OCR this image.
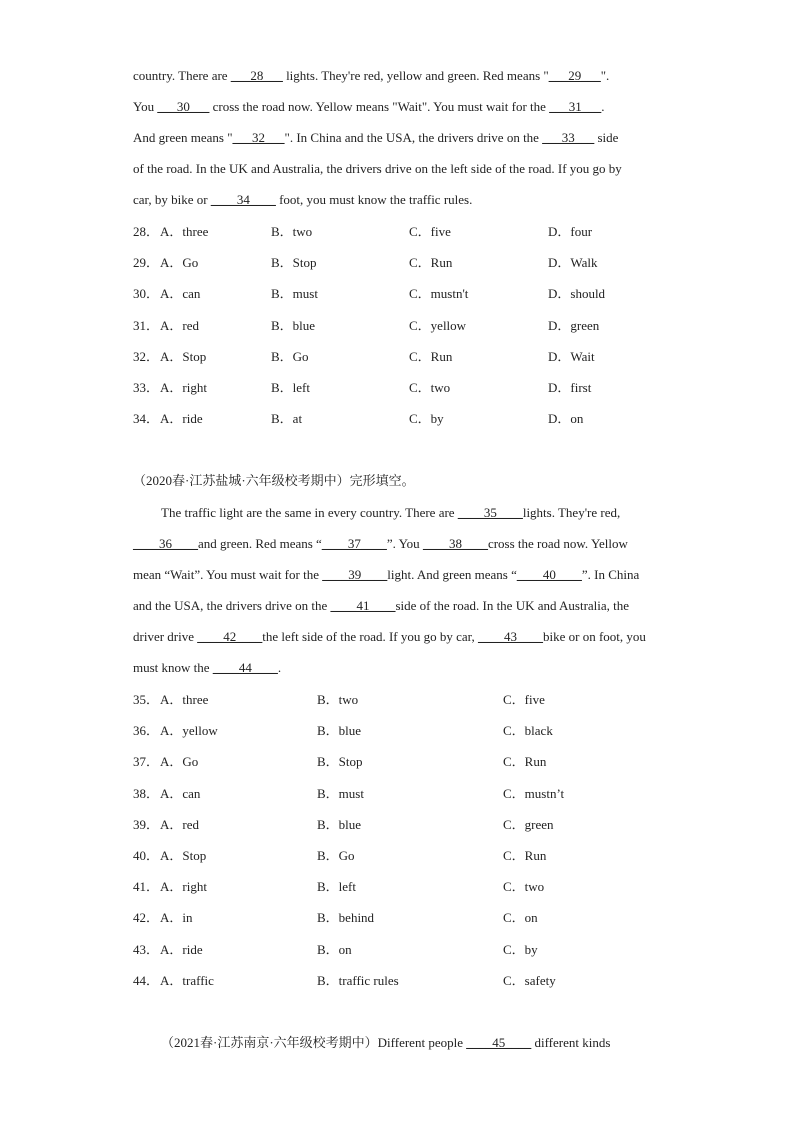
country. There are ___28___ lights. They're red, yellow and green. Red means "___29___".
You ___30___ cross the road now. Yellow means "Wait". You must wait for the ___31___.
And green means "___32___". In China and the USA, the drivers drive on the ___33___ side
of the road. In the UK and Australia, the drivers drive on the left side of the road. If you go by
car, by bike or ____34____ foot, you must know the traffic rules.
28． A．three	B．two	C．five	D．four
29． A．Go	B．Stop	C．Run	D．Walk
30． A．can	B．must	C．mustn't	D．should
31． A．red	B．blue	C．yellow	D．green
32． A．Stop	B．Go	C．Run	D．Wait
33． A．right	B．left	C．two	D．first
34． A．ride	B．at	C．by	D．on
（2020春·江苏盐城·六年级校考期中）完形填空。
The traffic light are the same in every country. There are ____35____lights. They're red,
____36____and green. Red means “____37____”. You ____38____cross the road now. Yellow
mean “Wait”. You must wait for the ____39____light. And green means “____40____”. In China
and the USA, the drivers drive on the ____41____side of the road. In the UK and Australia, the
driver drive ____42____the left side of the road. If you go by car, ____43____bike or on foot, you
must know the ____44____.
35． A．three	B．two	C．five
36． A．yellow	B．blue	C．black
37． A．Go	B．Stop	C．Run
38． A．can	B．must	C．mustn’t
39． A．red	B．blue	C．green
40． A．Stop	B．Go	C．Run
41． A．right	B．left	C．two
42． A．in	B．behind	C．on
43． A．ride	B．on	C．by
44． A．traffic	B．traffic rules	C．safety
（2021春·江苏南京·六年级校考期中）Different people ____45____ different kinds
